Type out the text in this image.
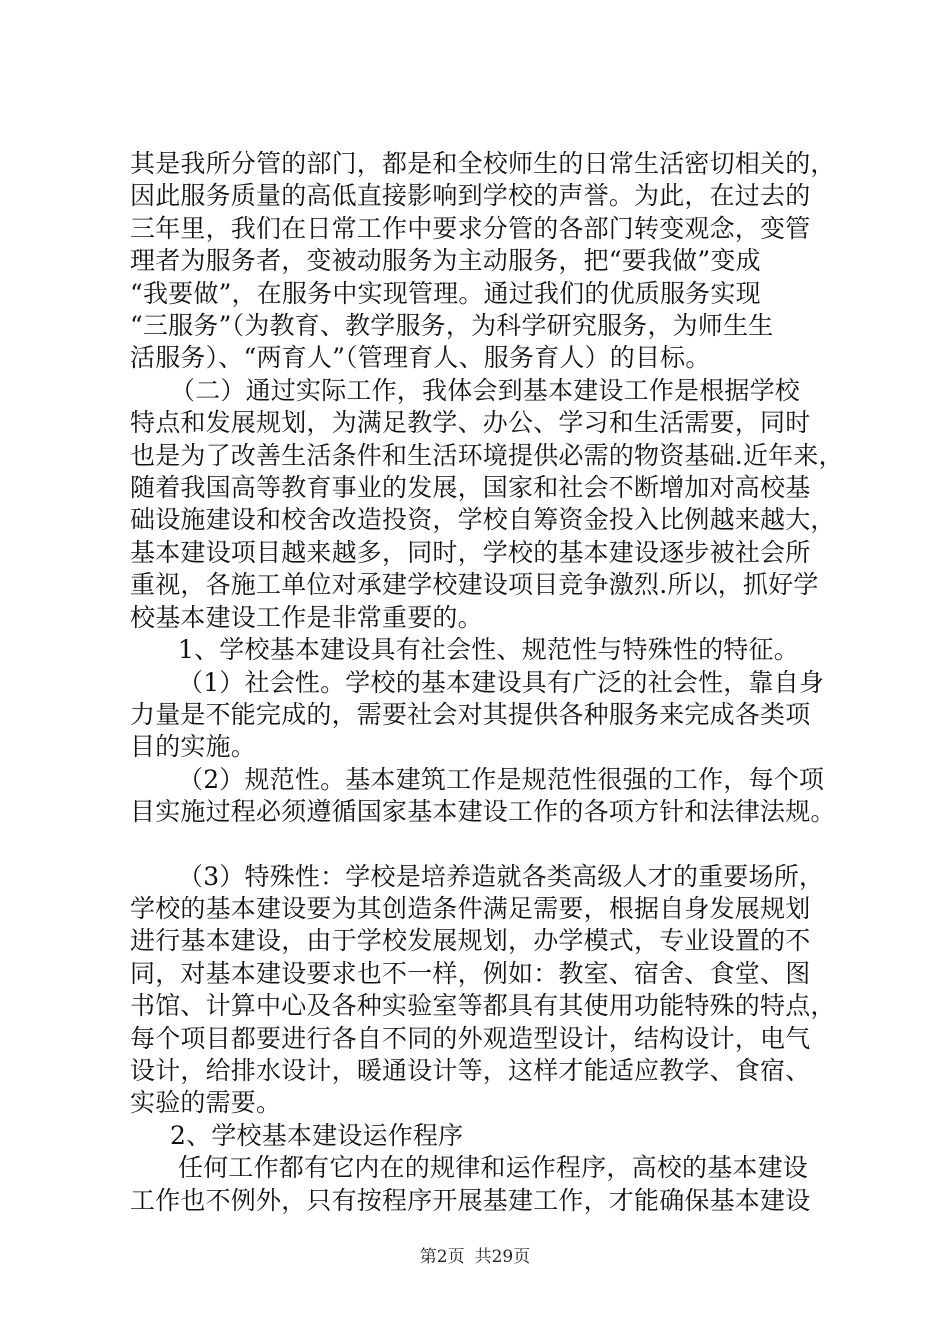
其是我所分管的部门，都是和全校师生的日常生活密切相关的，
因此服务质量的高低直接影响到学校的声誉。为此，在过去的
三年里，我们在日常工作中要求分管的各部门转变观念，变管
理者为服务者，变被动服务为主动服务，把“要我做”变成
“我要做”，在服务中实现管理。通过我们的优质服务实现
“三服务”（为教育、教学服务，为科学研究服务，为师生生
活服务）、“两育人”（管理育人、服务育人）的目标。
（二）通过实际工作，我体会到基本建设工作是根据学校
特点和发展规划，为满足教学、办公、学习和生活需要，同时
也是为了改善生活条件和生活环境提供必需的物资基础.近年来，
随着我国高等教育事业的发展，国家和社会不断增加对高校基
础设施建设和校舍改造投资，学校自筹资金投入比例越来越大，
基本建设项目越来越多，同时，学校的基本建设逐步被社会所
重视，各施工单位对承建学校建设项目竞争激烈.所以，抓好学
校基本建设工作是非常重要的。
1、学校基本建设具有社会性、规范性与特殊性的特征。
（1）社会性。学校的基本建设具有广泛的社会性，靠自身
力量是不能完成的，需要社会对其提供各种服务来完成各类项
目的实施。
（2）规范性。基本建筑工作是规范性很强的工作，每个项
目实施过程必须遵循国家基本建设工作的各项方针和法律法规。
（3）特殊性：学校是培养造就各类高级人才的重要场所，
学校的基本建设要为其创造条件满足需要，根据自身发展规划
进行基本建设，由于学校发展规划，办学模式，专业设置的不
同，对基本建设要求也不一样，例如：教室、宿舍、食堂、图
书馆、计算中心及各种实验室等都具有其使用功能特殊的特点，
每个项目都要进行各自不同的外观造型设计，结构设计，电气
设计，给排水设计，暖通设计等，这样才能适应教学、食宿、
实验的需要。
2、学校基本建设运作程序
任何工作都有它内在的规律和运作程序，高校的基本建设
工作也不例外，只有按程序开展基建工作，才能确保基本建设
第2页 共29页
